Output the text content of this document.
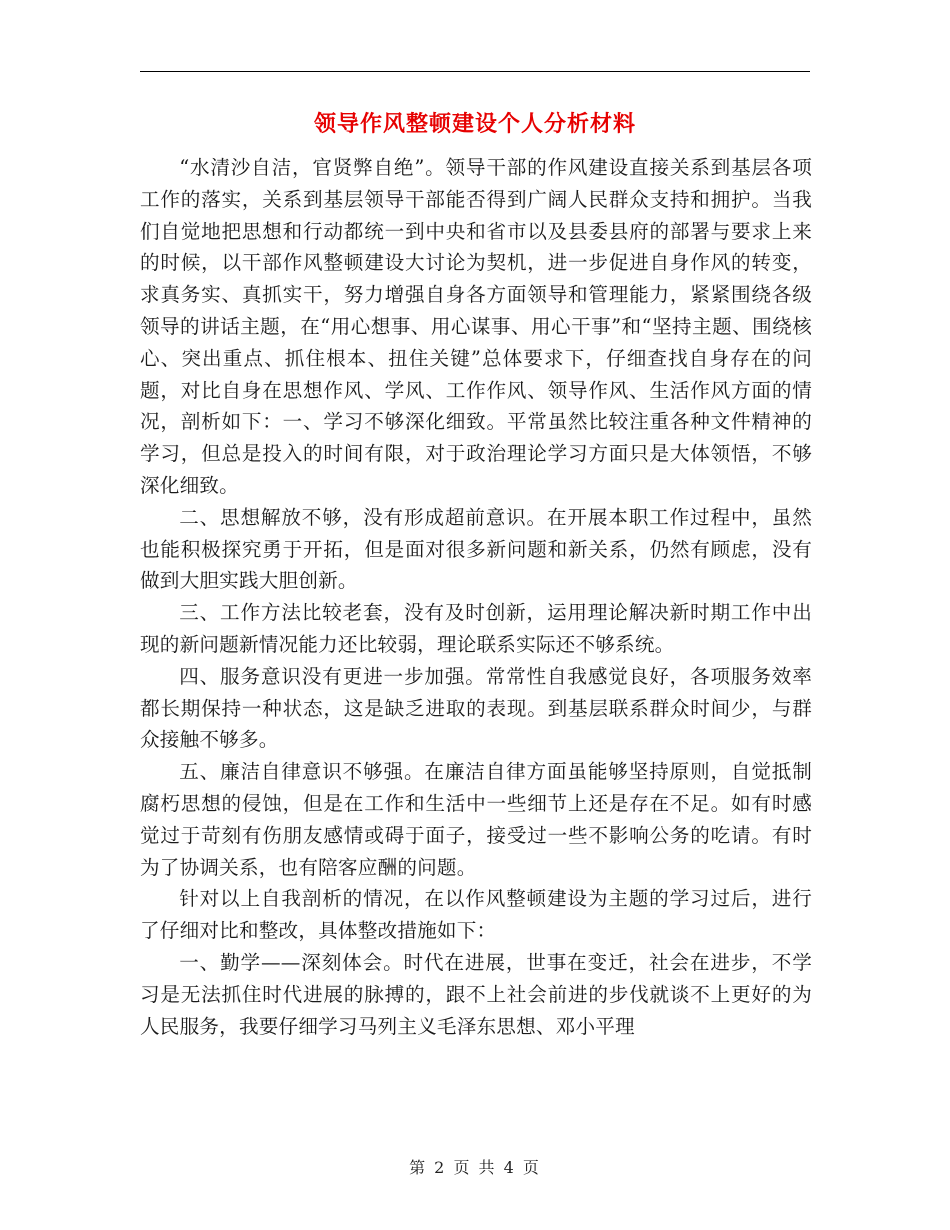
领导作风整顿建设个人分析材料

“水清沙自洁，官贤弊自绝”。领导干部的作风建设直接关系到基层各项工作的落实，关系到基层领导干部能否得到广阔人民群众支持和拥护。当我们自觉地把思想和行动都统一到中央和省市以及县委县府的部署与要求上来的时候，以干部作风整顿建设大讨论为契机，进一步促进自身作风的转变，求真务实、真抓实干，努力增强自身各方面领导和管理能力，紧紧围绕各级领导的讲话主题，在“用心想事、用心谋事、用心干事”和“坚持主题、围绕核心、突出重点、抓住根本、扭住关键”总体要求下，仔细查找自身存在的问题，对比自身在思想作风、学风、工作作风、领导作风、生活作风方面的情况，剖析如下：一、学习不够深化细致。平常虽然比较注重各种文件精神的学习，但总是投入的时间有限，对于政治理论学习方面只是大体领悟，不够深化细致。

二、思想解放不够，没有形成超前意识。在开展本职工作过程中，虽然也能积极探究勇于开拓，但是面对很多新问题和新关系，仍然有顾虑，没有做到大胆实践大胆创新。

三、工作方法比较老套，没有及时创新，运用理论解决新时期工作中出现的新问题新情况能力还比较弱，理论联系实际还不够系统。

四、服务意识没有更进一步加强。常常性自我感觉良好，各项服务效率都长期保持一种状态，这是缺乏进取的表现。到基层联系群众时间少，与群众接触不够多。

五、廉洁自律意识不够强。在廉洁自律方面虽能够坚持原则，自觉抵制腐朽思想的侵蚀，但是在工作和生活中一些细节上还是存在不足。如有时感觉过于苛刻有伤朋友感情或碍于面子，接受过一些不影响公务的吃请。有时为了协调关系，也有陪客应酬的问题。

针对以上自我剖析的情况，在以作风整顿建设为主题的学习过后，进行了仔细对比和整改，具体整改措施如下：

一、勤学——深刻体会。时代在进展，世事在变迁，社会在进步，不学习是无法抓住时代进展的脉搏的，跟不上社会前进的步伐就谈不上更好的为人民服务，我要仔细学习马列主义毛泽东思想、邓小平理

第 2 页 共 4 页
